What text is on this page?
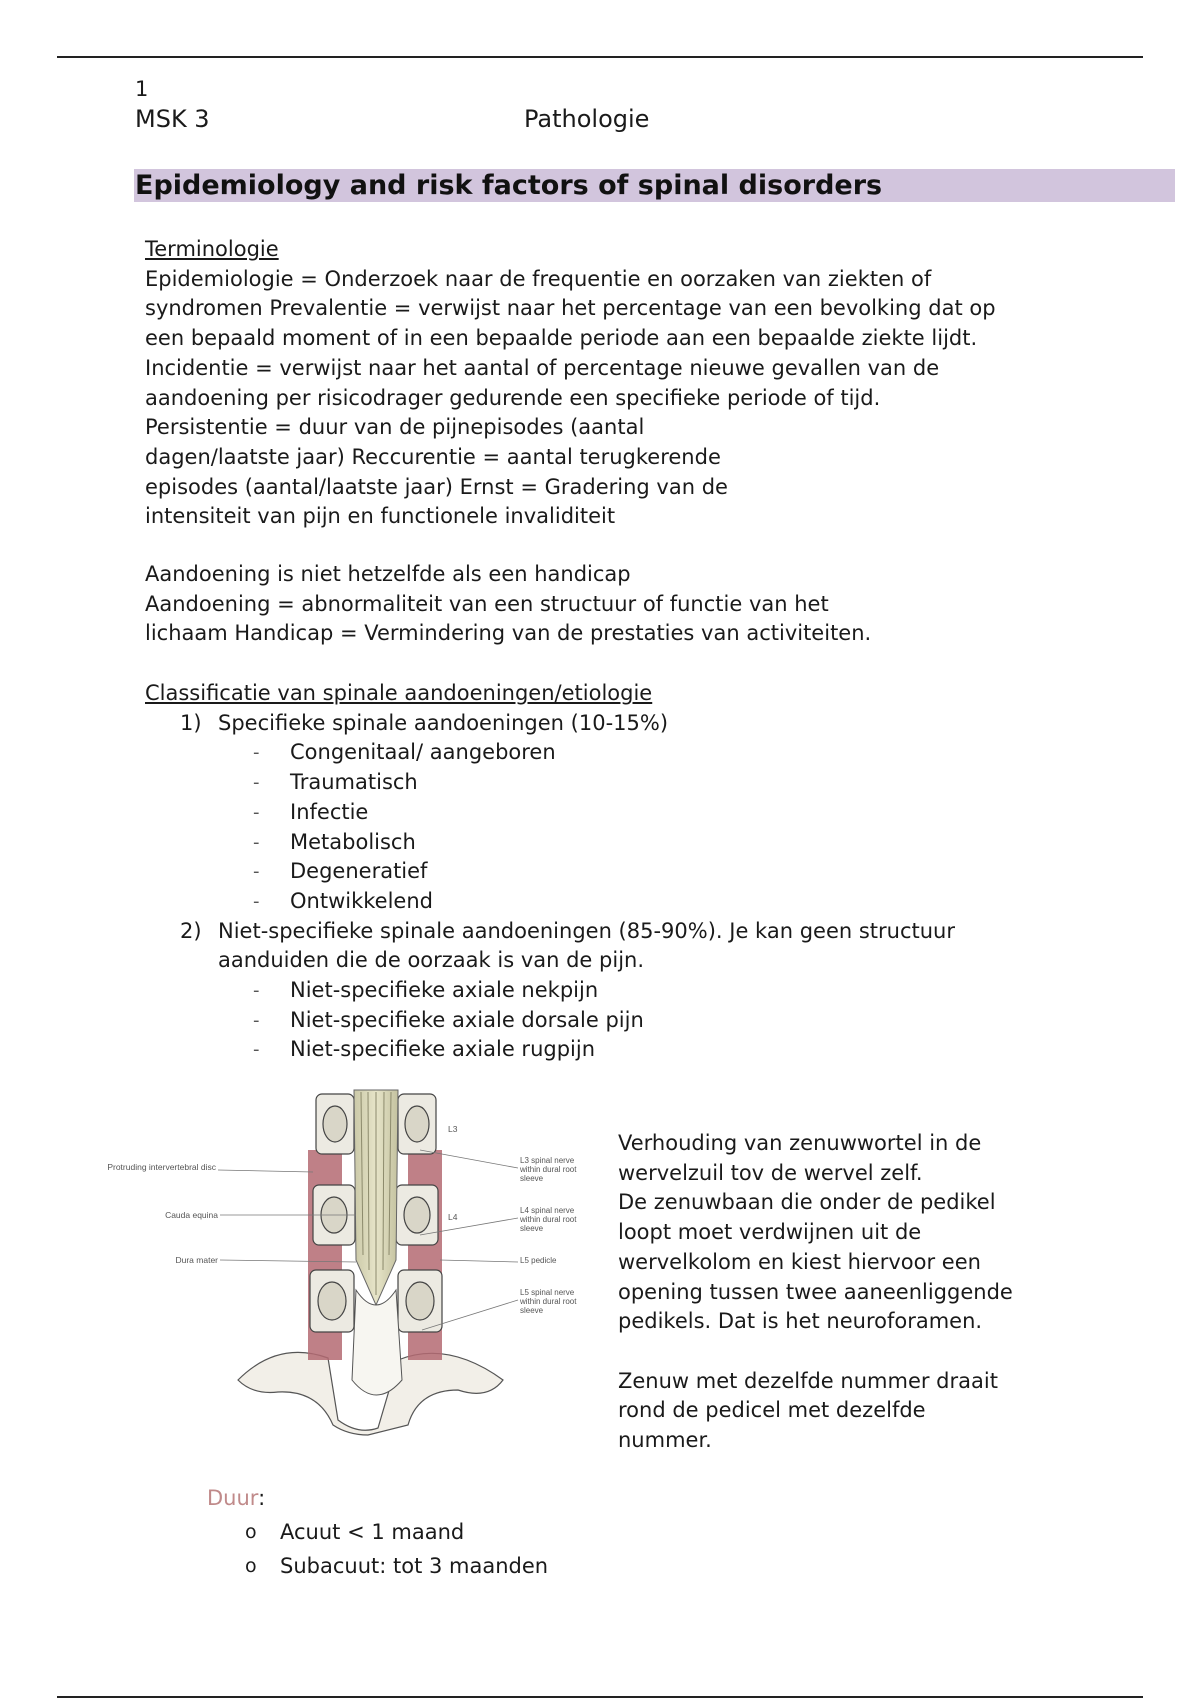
1
MSK 3	Pathologie
Epidemiology and risk factors of spinal disorders

Terminologie

Epidemiologie = Onderzoek naar de frequentie en oorzaken van ziekten of

syndromen Prevalentie = verwijst naar het percentage van een bevolking dat op

een bepaald moment of in een bepaalde periode aan een bepaalde ziekte lijdt.

Incidentie = verwijst naar het aantal of percentage nieuwe gevallen van de

aandoening per risicodrager gedurende een specifieke periode of tijd.

Persistentie = duur van de pijnepisodes (aantal

dagen/laatste jaar) Reccurentie = aantal terugkerende

episodes (aantal/laatste jaar) Ernst = Gradering van de

intensiteit van pijn en functionele invaliditeit

Aandoening is niet hetzelfde als een handicap

Aandoening = abnormaliteit van een structuur of functie van het

lichaam Handicap = Vermindering van de prestaties van activiteiten.

Classificatie van spinale aandoeningen/etiologie
1) Specifieke spinale aandoeningen (10-15%)
- Congenitaal/ aangeboren
- Traumatisch
- Infectie
- Metabolisch
- Degeneratief
- Ontwikkelend
2) Niet-specifieke spinale aandoeningen (85-90%). Je kan geen structuur
aanduiden die de oorzaak is van de pijn.
- Niet-specifieke axiale nekpijn
- Niet-specifieke axiale dorsale pijn
- Niet-specifieke axiale rugpijn
Protruding intervertebral disc
Cauda equina
Dura mater
L3
L4
L3 spinal nerve within dural root sleeve
L4 spinal nerve within dural root sleeve
L5 pedicle
L5 spinal nerve within dural root sleeve

Verhouding van zenuwwortel in de

wervelzuil tov de wervel zelf.

De zenuwbaan die onder de pedikel

loopt moet verdwijnen uit de

wervelkolom en kiest hiervoor een

opening tussen twee aaneenliggende

pedikels. Dat is het neuroforamen.

Zenuw met dezelfde nummer draait

rond de pedicel met dezelfde

nummer.

Duur:
o Acuut < 1 maand
o Subacuut: tot 3 maanden
